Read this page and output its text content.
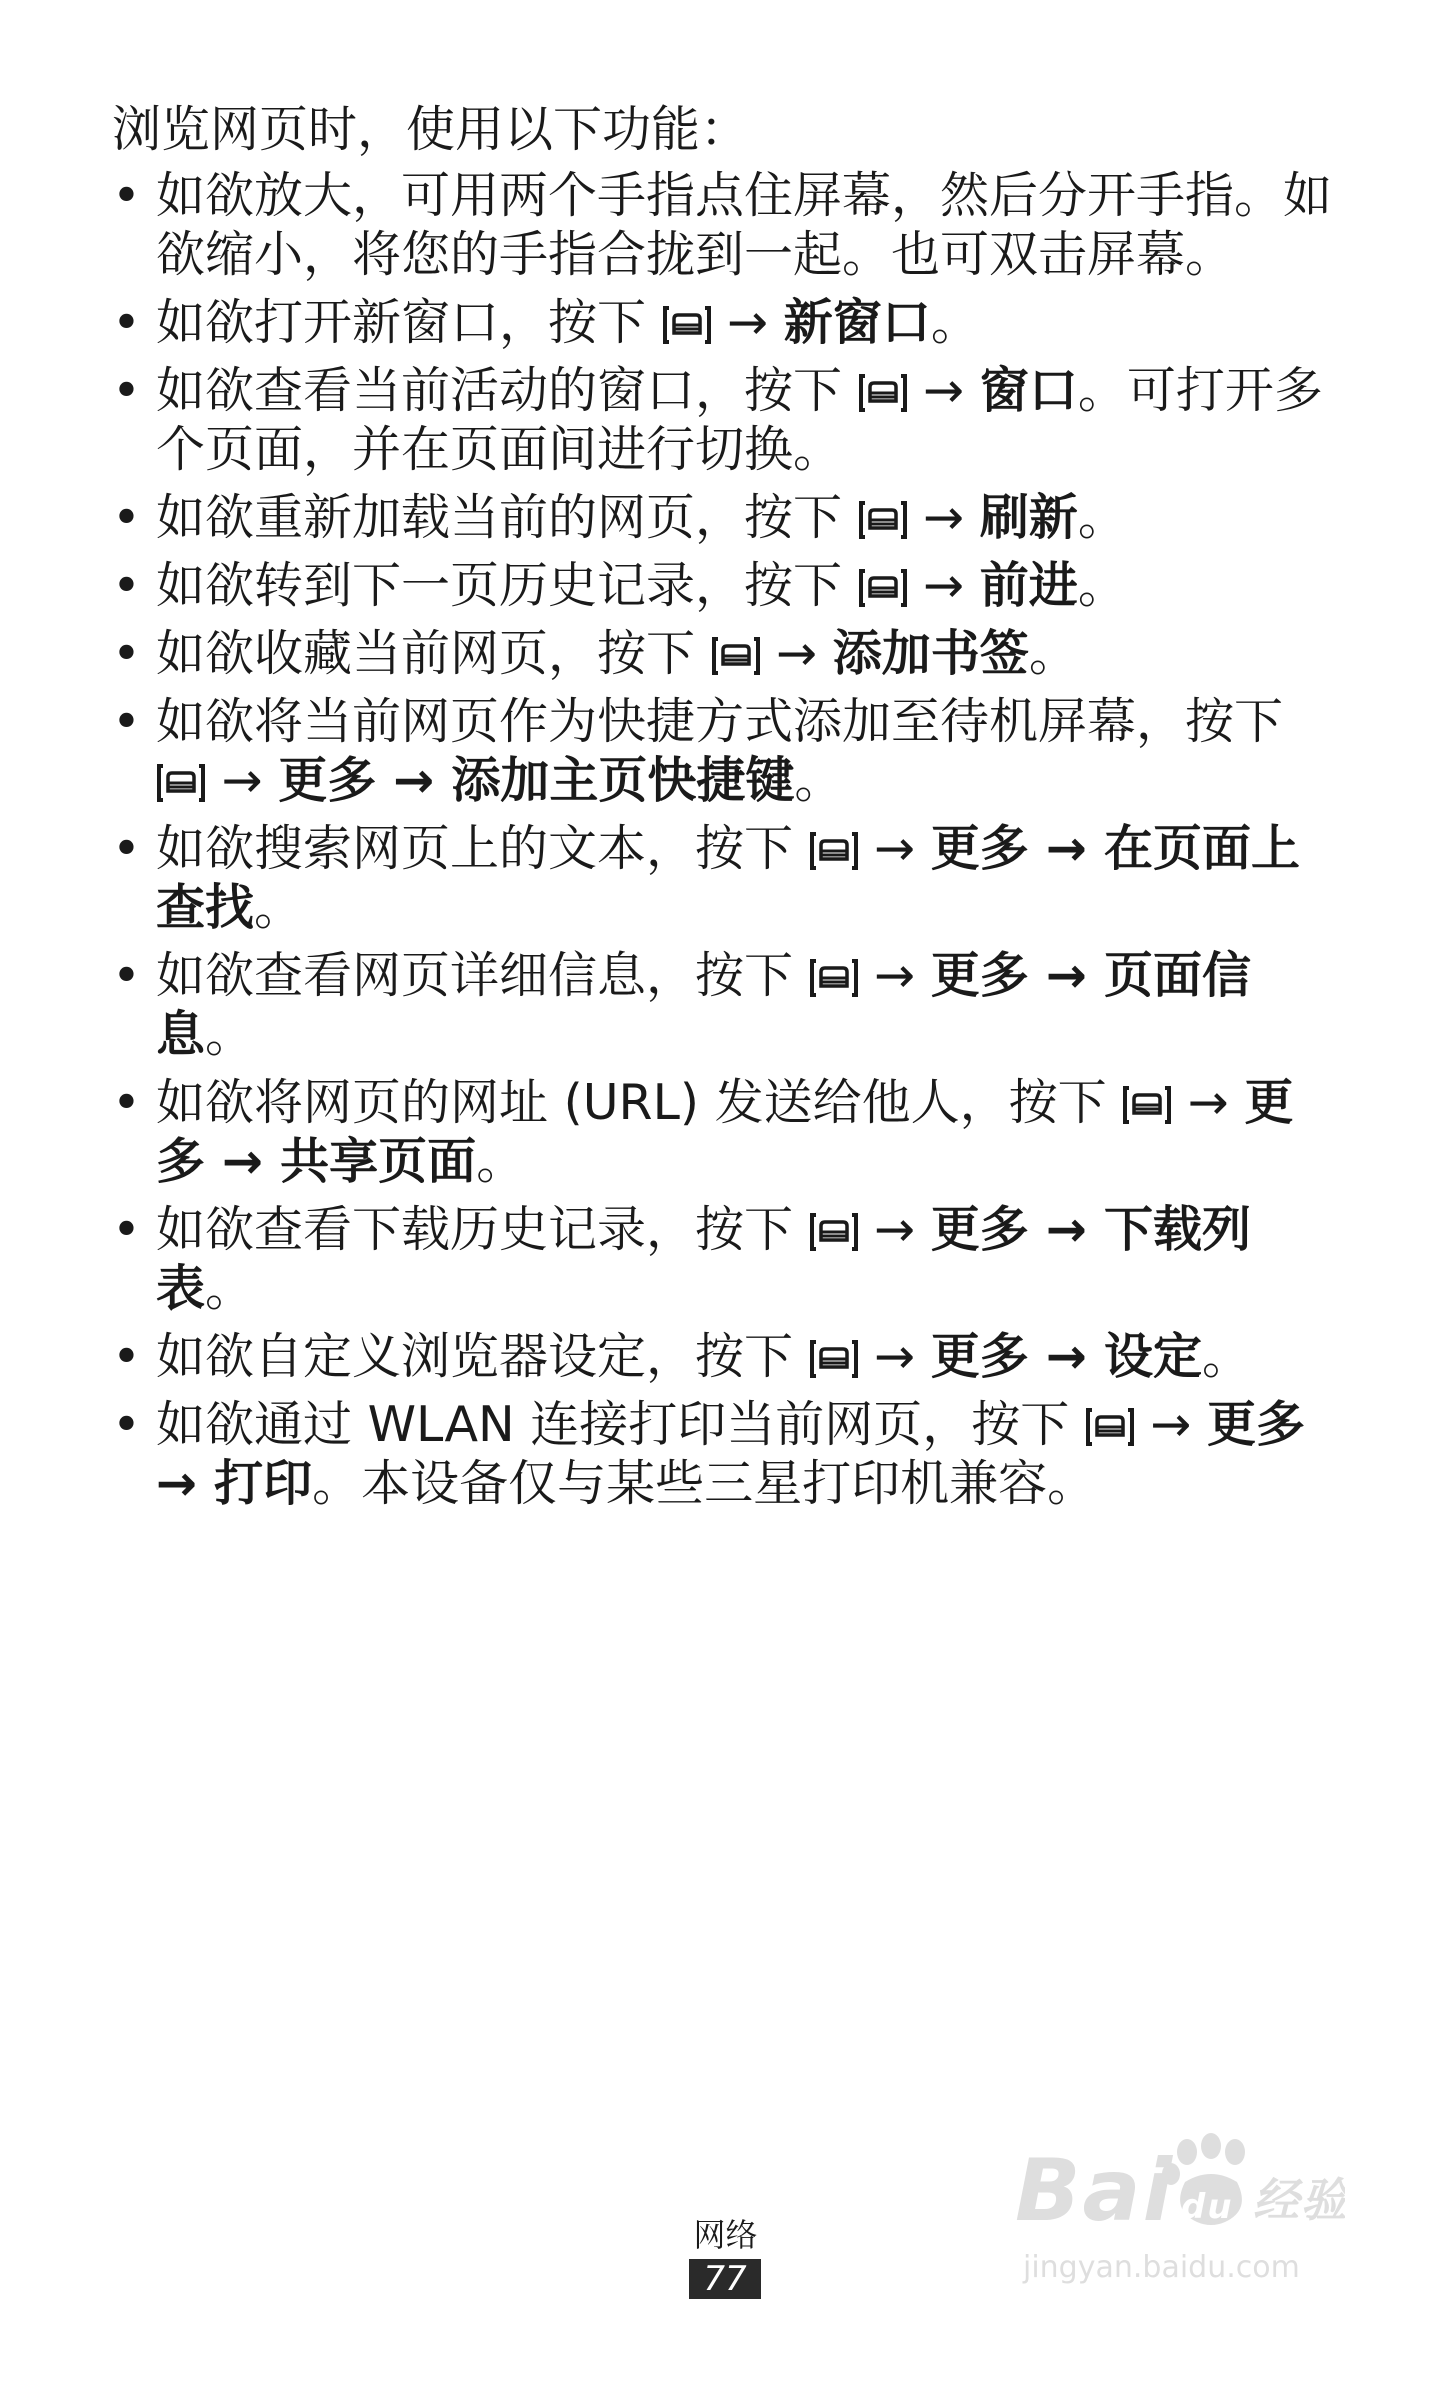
浏览网页时，使用以下功能：
• 如欲放大，可用两个手指点住屏幕，然后分开手指。如欲缩小，将您的手指合拢到一起。也可双击屏幕。
• 如欲打开新窗口，按下
→ 新窗口。
• 如欲查看当前活动的窗口，按下
→ 窗口。可打开多个页面，并在页面间进行切换。
• 如欲重新加载当前的网页，按下
→ 刷新。
• 如欲转到下一页历史记录，按下
→ 前进。
• 如欲收藏当前网页，按下
→ 添加书签。
• 如欲将当前网页作为快捷方式添加至待机屏幕，按下
→ 更多 → 添加主页快捷键。
• 如欲搜索网页上的文本，按下
→ 更多 → 在页面上查找。
• 如欲查看网页详细信息，按下
→ 更多 → 页面信息。
• 如欲将网页的网址 (URL) 发送给他人，按下
→ 更多 → 共享页面。
• 如欲查看下载历史记录，按下
→ 更多 → 下载列表。
• 如欲自定义浏览器设定，按下
→ 更多 → 设定。
• 如欲通过 WLAN 连接打印当前网页，按下
→ 更多 → 打印。本设备仅与某些三星打印机兼容。
网络
77
Bai du 经验
jingyan.baidu.com
